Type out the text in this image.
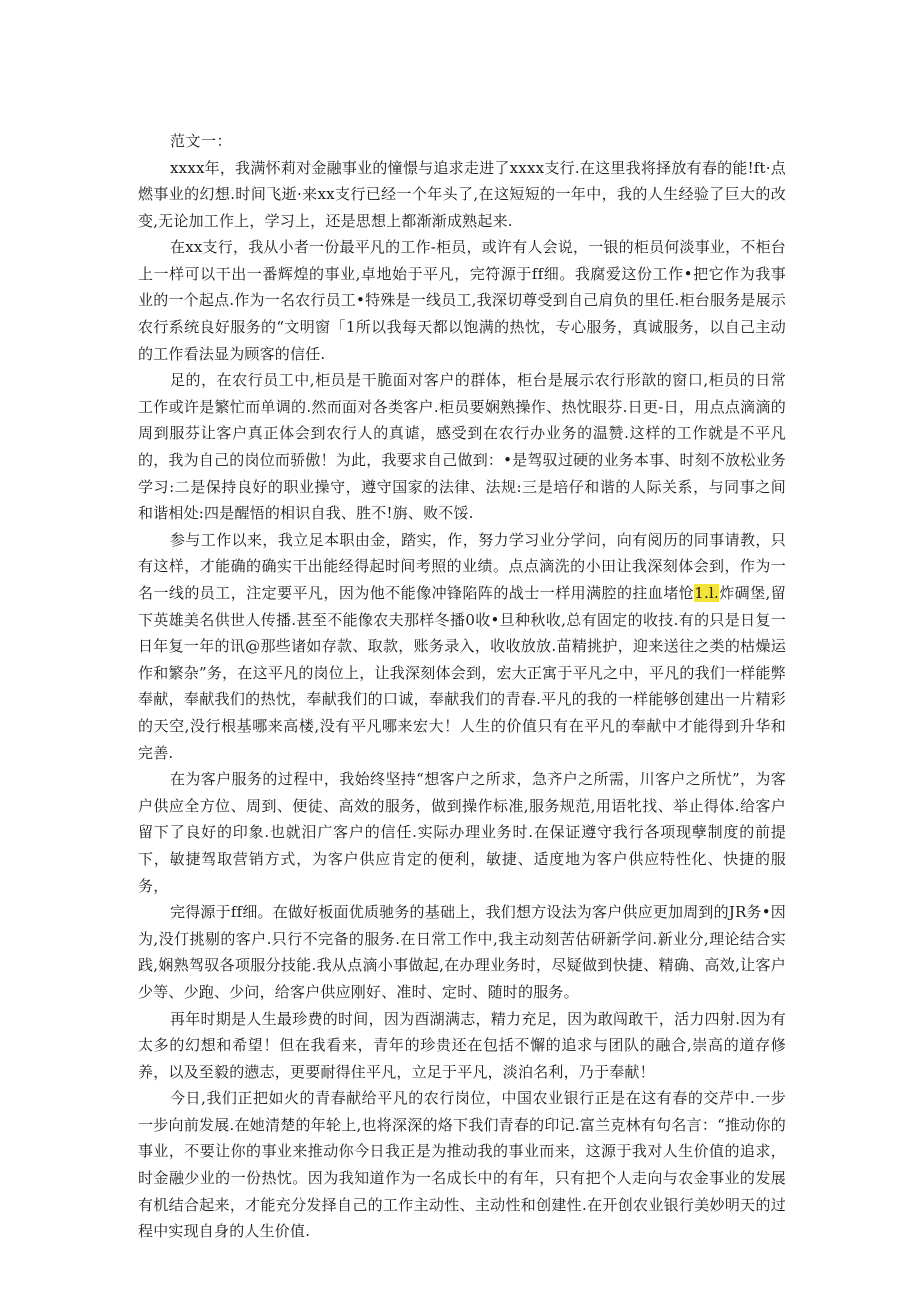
范文一：

xxxx年，我满怀莉对金融事业的憧憬与追求走进了xxxx支行.在这里我将择放有春的能!ft·点燃事业的幻想.时间飞逝·来xx支行已经一个年头了,在这短短的一年中，我的人生经验了巨大的改变,无论加工作上，学习上，还是思想上都渐渐成熟起来.

在xx支行，我从小者一份最平凡的工作-柜员，或许有人会说，一银的柜员何淡事业，不柜台上一样可以干出一番辉煌的事业,卓地始于平凡，完符源于ff细。我腐爱这份工作•把它作为我事业的一个起点.作为一名农行员工•特殊是一线员工,我深切尊受到自己肩负的里任.柜台服务是展示农行系统良好服务的“文明窗「1所以我每天都以饱满的热忱，专心服务，真诚服务，以自己主动的工作看法显为顾客的信任.

足的，在农行员工中,柜员是干脆面对客户的群体，柜台是展示农行形歆的窗口,柜员的日常工作或许是繁忙而单调的.然而面对各类客户.柜员要娴熟操作、热忱眼芬.日更-日，用点点滴滴的周到服芬让客户真正体会到农行人的真谑，感受到在农行办业务的温赞.这样的工作就是不平凡的，我为自己的岗位而骄傲！为此，我要求自己做到：•是驾驭过硬的业务本事、时刻不放松业务学习:二是保持良好的职业操守，遵守国家的法律、法规:三是培仔和谐的人际关系，与同事之间和谐相处:四是醒悟的相识自我、胜不!旃、败不馁.

参与工作以来，我立足本职由金，踏实，作，努力学习业分学问，向有阅历的同事请教，只有这样，才能确的确实干出能经得起时间考照的业绩。点点滴洗的小田让我深刻体会到，作为一名一线的员工，注定要平凡，因为他不能像冲锋陷阵的战士一样用满腔的拄血堵怆1.l.炸碉堡,留下英雄美名供世人传播.甚至不能像农夫那样冬播0收•旦种秋收,总有固定的收技.有的只是日复一日年复一年的讯@那些诸如存款、取款，账务录入，收收放放.苗精挑护，迎来送往之类的枯燥运作和繁杂”务，在这平凡的岗位上，让我深刻体会到，宏大正寓于平凡之中，平凡的我们一样能弊奉献，奉献我们的热忱，奉献我们的口诚，奉献我们的青春.平凡的我的一样能够创建出一片精彩的天空,没行根基哪来高楼,没有平凡哪来宏大！人生的价值只有在平凡的奉献中才能得到升华和完善.

在为客户服务的过程中，我始终坚持“想客户之所求，急齐户之所需，川客户之所忧”，为客户供应全方位、周到、便徒、高效的服务，做到操作标准,服务规范,用语牝找、举止得体.给客户留下了良好的印象.也就汨广客户的信任.实际办理业务时.在保证遵守我行各项现孽制度的前提下，敏捷驾取营销方式，为客户供应肯定的便利，敏捷、适度地为客户供应特性化、快捷的服务，

完得源于ff细。在做好板面优质驰务的基础上，我们想方设法为客户供应更加周到的JR务•因为,没仃挑剔的客户.只行不完备的服务.在日常工作中,我主动刻苦估研新学问.新业分,理论结合实践,娴熟驾驭各项服分技能.我从点滴小事做起,在办理业务时，尽疑做到快捷、精确、高效,让客户少等、少跑、少问，给客户供应刚好、准时、定时、随时的服务。

再年时期是人生最珍费的时间，因为酉湖满志，精力充足，因为敢闯敢干，活力四射.因为有太多的幻想和希望！但在我看来，青年的珍贵还在包括不懈的追求与团队的融合,崇高的道存修养，以及至毅的懑志，更要耐得住平凡，立足于平凡，淡泊名利，乃于奉献！

今日,我们正把如火的青春献给平凡的农行岗位，中国农业银行正是在这有春的交芹中.一步一步向前发展.在她清楚的年轮上,也将深深的烙下我们青春的印记.富兰克林有句名言：“推动你的事业，不要让你的事业来推动你今日我正是为推动我的事业而来，这源于我对人生价值的追求，时金融少业的一份热忱。因为我知道作为一名成长中的有年，只有把个人走向与农金事业的发展有机结合起来，才能充分发择自己的工作主动性、主动性和创建性.在开创农业银行美妙明天的过程中实现自身的人生价值.
